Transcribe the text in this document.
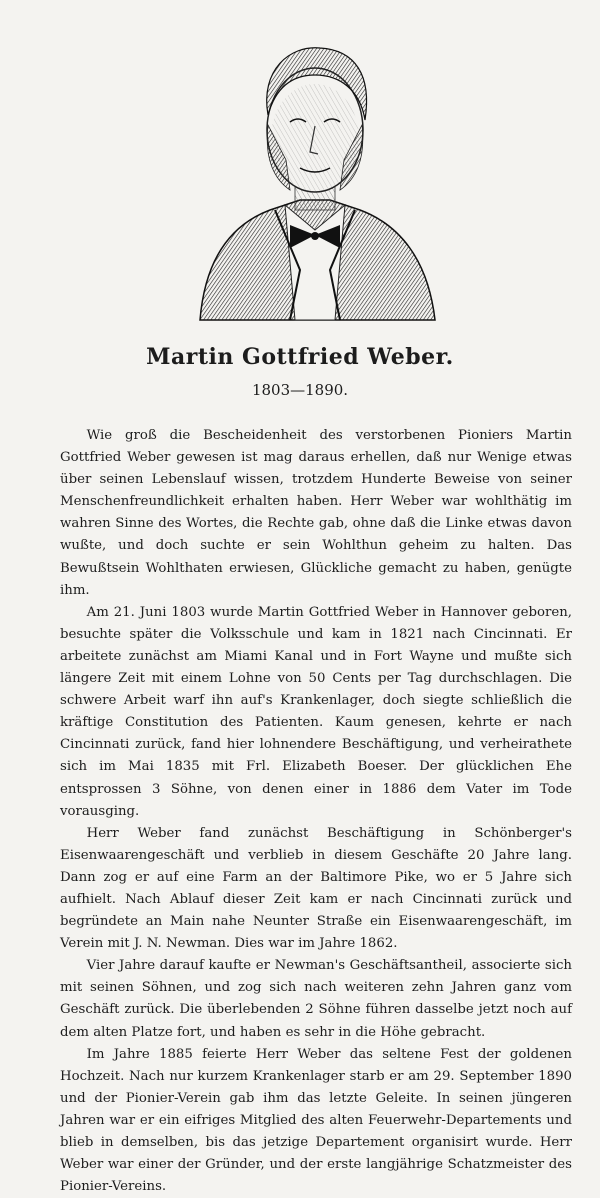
Martin Gottfried Weber.
1803—1890.

Wie groß die Bescheidenheit des verstorbenen Pioniers Martin Gottfried Weber gewesen ist mag daraus erhellen, daß nur Wenige etwas über seinen Lebenslauf wissen, trotzdem Hunderte Beweise von seiner Menschenfreundlichkeit erhalten haben. Herr Weber war wohlthätig im wahren Sinne des Wortes, die Rechte gab, ohne daß die Linke etwas davon wußte, und doch suchte er sein Wohlthun geheim zu halten. Das Bewußtsein Wohlthaten erwiesen, Glückliche gemacht zu haben, genügte ihm.

Am 21. Juni 1803 wurde Martin Gottfried Weber in Hannover geboren, besuchte später die Volksschule und kam in 1821 nach Cincinnati. Er arbeitete zunächst am Miami Kanal und in Fort Wayne und mußte sich längere Zeit mit einem Lohne von 50 Cents per Tag durchschlagen. Die schwere Arbeit warf ihn auf's Krankenlager, doch siegte schließlich die kräftige Constitution des Patienten. Kaum genesen, kehrte er nach Cincinnati zurück, fand hier lohnendere Beschäftigung, und verheirathete sich im Mai 1835 mit Frl. Elizabeth Boeser. Der glücklichen Ehe entsprossen 3 Söhne, von denen einer in 1886 dem Vater im Tode vorausging.

Herr Weber fand zunächst Beschäftigung in Schönberger's Eisenwaarengeschäft und verblieb in diesem Geschäfte 20 Jahre lang. Dann zog er auf eine Farm an der Baltimore Pike, wo er 5 Jahre sich aufhielt. Nach Ablauf dieser Zeit kam er nach Cincinnati zurück und begründete an Main nahe Neunter Straße ein Eisenwaarengeschäft, im Verein mit J. N. Newman. Dies war im Jahre 1862.

Vier Jahre darauf kaufte er Newman's Geschäftsantheil, associerte sich mit seinen Söhnen, und zog sich nach weiteren zehn Jahren ganz vom Geschäft zurück. Die überlebenden 2 Söhne führen dasselbe jetzt noch auf dem alten Platze fort, und haben es sehr in die Höhe gebracht.

Im Jahre 1885 feierte Herr Weber das seltene Fest der goldenen Hochzeit. Nach nur kurzem Krankenlager starb er am 29. September 1890 und der Pionier-Verein gab ihm das letzte Geleite. In seinen jüngeren Jahren war er ein eifriges Mitglied des alten Feuerwehr-Departements und blieb in demselben, bis das jetzige Departement organisirt wurde. Herr Weber war einer der Gründer, und der erste langjährige Schatzmeister des Pionier-Vereins.
